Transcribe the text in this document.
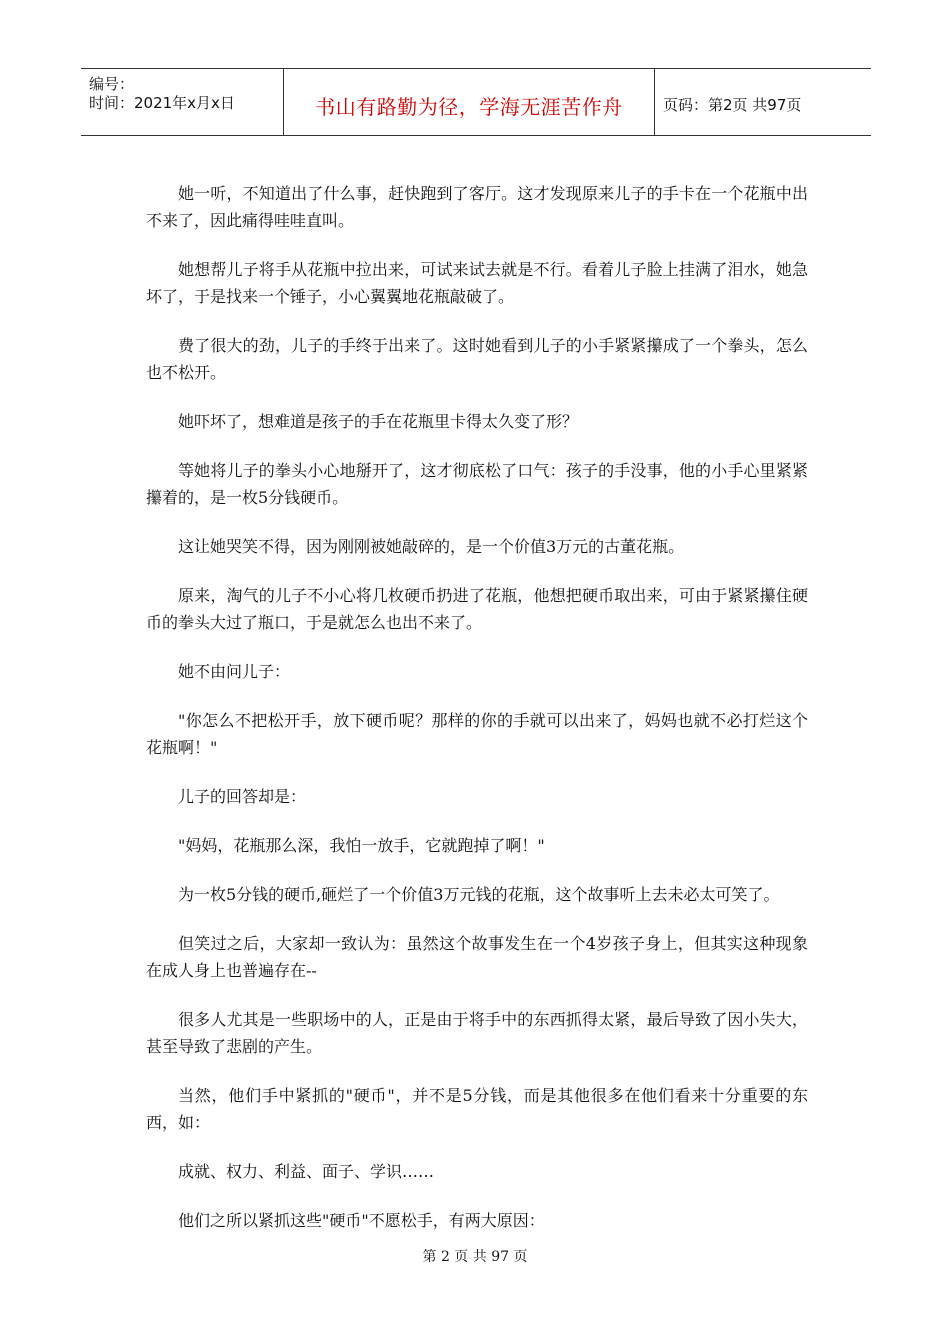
编号：
时间：2021年x月x日	书山有路勤为径，学海无涯苦作舟	页码：第2页 共97页

她一听，不知道出了什么事，赶快跑到了客厅。这才发现原来儿子的手卡在一个花瓶中出不来了，因此痛得哇哇直叫。

她想帮儿子将手从花瓶中拉出来，可试来试去就是不行。看着儿子脸上挂满了泪水，她急坏了，于是找来一个锤子，小心翼翼地花瓶敲破了。

费了很大的劲，儿子的手终于出来了。这时她看到儿子的小手紧紧攥成了一个拳头，怎么也不松开。

她吓坏了，想难道是孩子的手在花瓶里卡得太久变了形？

等她将儿子的拳头小心地掰开了，这才彻底松了口气：孩子的手没事，他的小手心里紧紧攥着的，是一枚5分钱硬币。

这让她哭笑不得，因为刚刚被她敲碎的，是一个价值3万元的古董花瓶。

原来，淘气的儿子不小心将几枚硬币扔进了花瓶，他想把硬币取出来，可由于紧紧攥住硬币的拳头大过了瓶口，于是就怎么也出不来了。

她不由问儿子：

"你怎么不把松开手，放下硬币呢？那样的你的手就可以出来了，妈妈也就不必打烂这个花瓶啊！"

儿子的回答却是：

"妈妈，花瓶那么深，我怕一放手，它就跑掉了啊！"

为一枚5分钱的硬币,砸烂了一个价值3万元钱的花瓶，这个故事听上去未必太可笑了。

但笑过之后，大家却一致认为：虽然这个故事发生在一个4岁孩子身上，但其实这种现象在成人身上也普遍存在--

很多人尤其是一些职场中的人，正是由于将手中的东西抓得太紧，最后导致了因小失大，甚至导致了悲剧的产生。

当然，他们手中紧抓的"硬币"，并不是5分钱，而是其他很多在他们看来十分重要的东西，如：

成就、权力、利益、面子、学识……

他们之所以紧抓这些"硬币"不愿松手，有两大原因：

第 2 页 共 97 页
